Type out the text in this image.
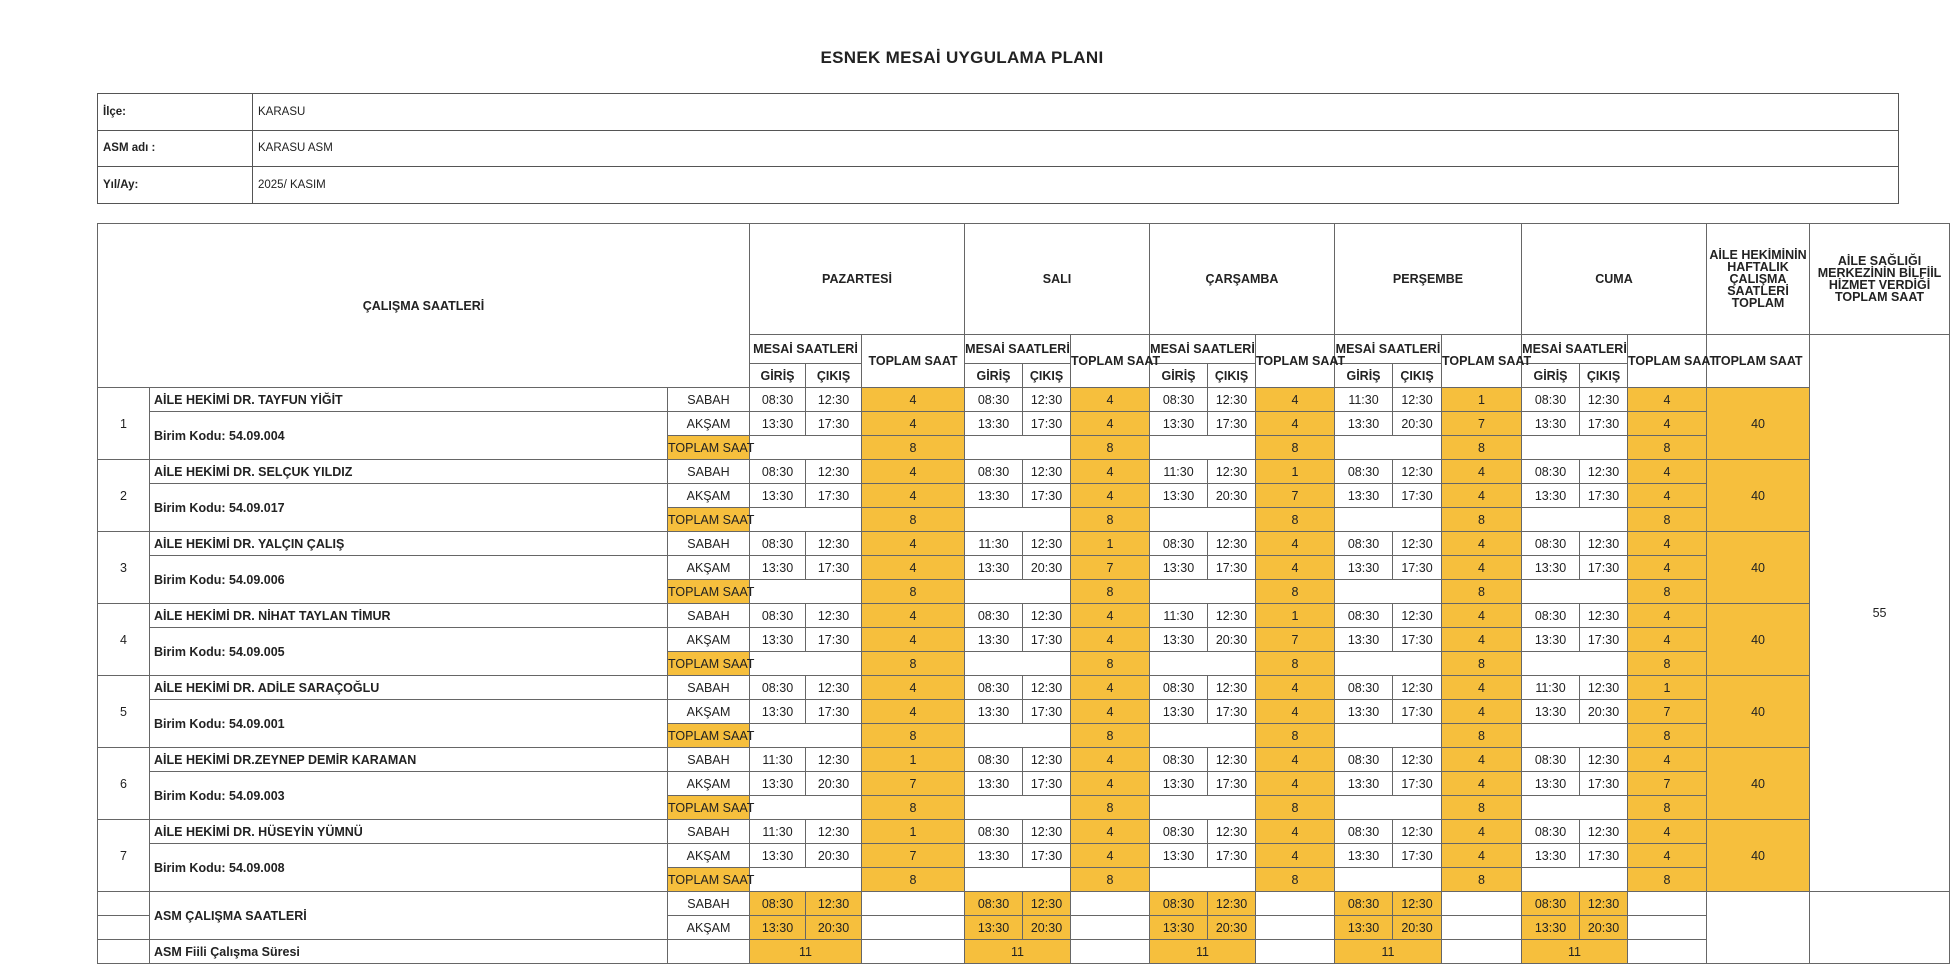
ESNEK MESAİ UYGULAMA PLANI
İlçe:	KARASU
ASM adı :	KARASU ASM
Yıl/Ay:	2025/ KASIM
ÇALIŞMA SAATLERİ			PAZARTESİ			SALI			ÇARŞAMBA			PERŞEMBE			CUMA			AİLE HEKİMİNİN HAFTALIK ÇALIŞMA SAATLERİ TOPLAM	AİLE SAĞLIĞI MERKEZİNİN BİLFİİL HİZMET VERDİĞİ TOPLAM SAAT
			MESAİ SAATLERİ		TOPLAM SAAT	MESAİ SAATLERİ		TOPLAM SAAT	MESAİ SAATLERİ		TOPLAM SAAT	MESAİ SAATLERİ		TOPLAM SAAT	MESAİ SAATLERİ		TOPLAM SAAT	TOPLAM SAAT	55
			GİRİŞ	ÇIKIŞ		GİRİŞ	ÇIKIŞ		GİRİŞ	ÇIKIŞ		GİRİŞ	ÇIKIŞ		GİRİŞ	ÇIKIŞ			
1	AİLE HEKİMİ DR. TAYFUN YİĞİT	SABAH	08:30	12:30	4	08:30	12:30	4	08:30	12:30	4	11:30	12:30	1	08:30	12:30	4	40	
	Birim Kodu: 54.09.004	AKŞAM	13:30	17:30	4	13:30	17:30	4	13:30	17:30	4	13:30	20:30	7	13:30	17:30	4		
		TOPLAM SAAT			8			8			8			8			8		
2	AİLE HEKİMİ DR. SELÇUK YILDIZ	SABAH	08:30	12:30	4	08:30	12:30	4	11:30	12:30	1	08:30	12:30	4	08:30	12:30	4	40	
	Birim Kodu: 54.09.017	AKŞAM	13:30	17:30	4	13:30	17:30	4	13:30	20:30	7	13:30	17:30	4	13:30	17:30	4		
		TOPLAM SAAT			8			8			8			8			8		
3	AİLE HEKİMİ DR. YALÇIN ÇALIŞ	SABAH	08:30	12:30	4	11:30	12:30	1	08:30	12:30	4	08:30	12:30	4	08:30	12:30	4	40	
	Birim Kodu: 54.09.006	AKŞAM	13:30	17:30	4	13:30	20:30	7	13:30	17:30	4	13:30	17:30	4	13:30	17:30	4		
		TOPLAM SAAT			8			8			8			8			8		
4	AİLE HEKİMİ DR. NİHAT TAYLAN TİMUR	SABAH	08:30	12:30	4	08:30	12:30	4	11:30	12:30	1	08:30	12:30	4	08:30	12:30	4	40	
	Birim Kodu: 54.09.005	AKŞAM	13:30	17:30	4	13:30	17:30	4	13:30	20:30	7	13:30	17:30	4	13:30	17:30	4		
		TOPLAM SAAT			8			8			8			8			8		
5	AİLE HEKİMİ DR. ADİLE SARAÇOĞLU	SABAH	08:30	12:30	4	08:30	12:30	4	08:30	12:30	4	08:30	12:30	4	11:30	12:30	1	40	
	Birim Kodu: 54.09.001	AKŞAM	13:30	17:30	4	13:30	17:30	4	13:30	17:30	4	13:30	17:30	4	13:30	20:30	7		
		TOPLAM SAAT			8			8			8			8			8		
6	AİLE HEKİMİ DR.ZEYNEP DEMİR KARAMAN	SABAH	11:30	12:30	1	08:30	12:30	4	08:30	12:30	4	08:30	12:30	4	08:30	12:30	4	40	
	Birim Kodu: 54.09.003	AKŞAM	13:30	20:30	7	13:30	17:30	4	13:30	17:30	4	13:30	17:30	4	13:30	17:30	7		
		TOPLAM SAAT			8			8			8			8			8		
7	AİLE HEKİMİ DR. HÜSEYİN YÜMNÜ	SABAH	11:30	12:30	1	08:30	12:30	4	08:30	12:30	4	08:30	12:30	4	08:30	12:30	4	40	
	Birim Kodu: 54.09.008	AKŞAM	13:30	20:30	7	13:30	17:30	4	13:30	17:30	4	13:30	17:30	4	13:30	17:30	4		
		TOPLAM SAAT			8			8			8			8			8		
	ASM ÇALIŞMA SAATLERİ	SABAH	08:30	12:30		08:30	12:30		08:30	12:30		08:30	12:30		08:30	12:30			
		AKŞAM	13:30	20:30		13:30	20:30		13:30	20:30		13:30	20:30		13:30	20:30			
	ASM Fiili Çalışma Süresi		11			11			11			11			11				
